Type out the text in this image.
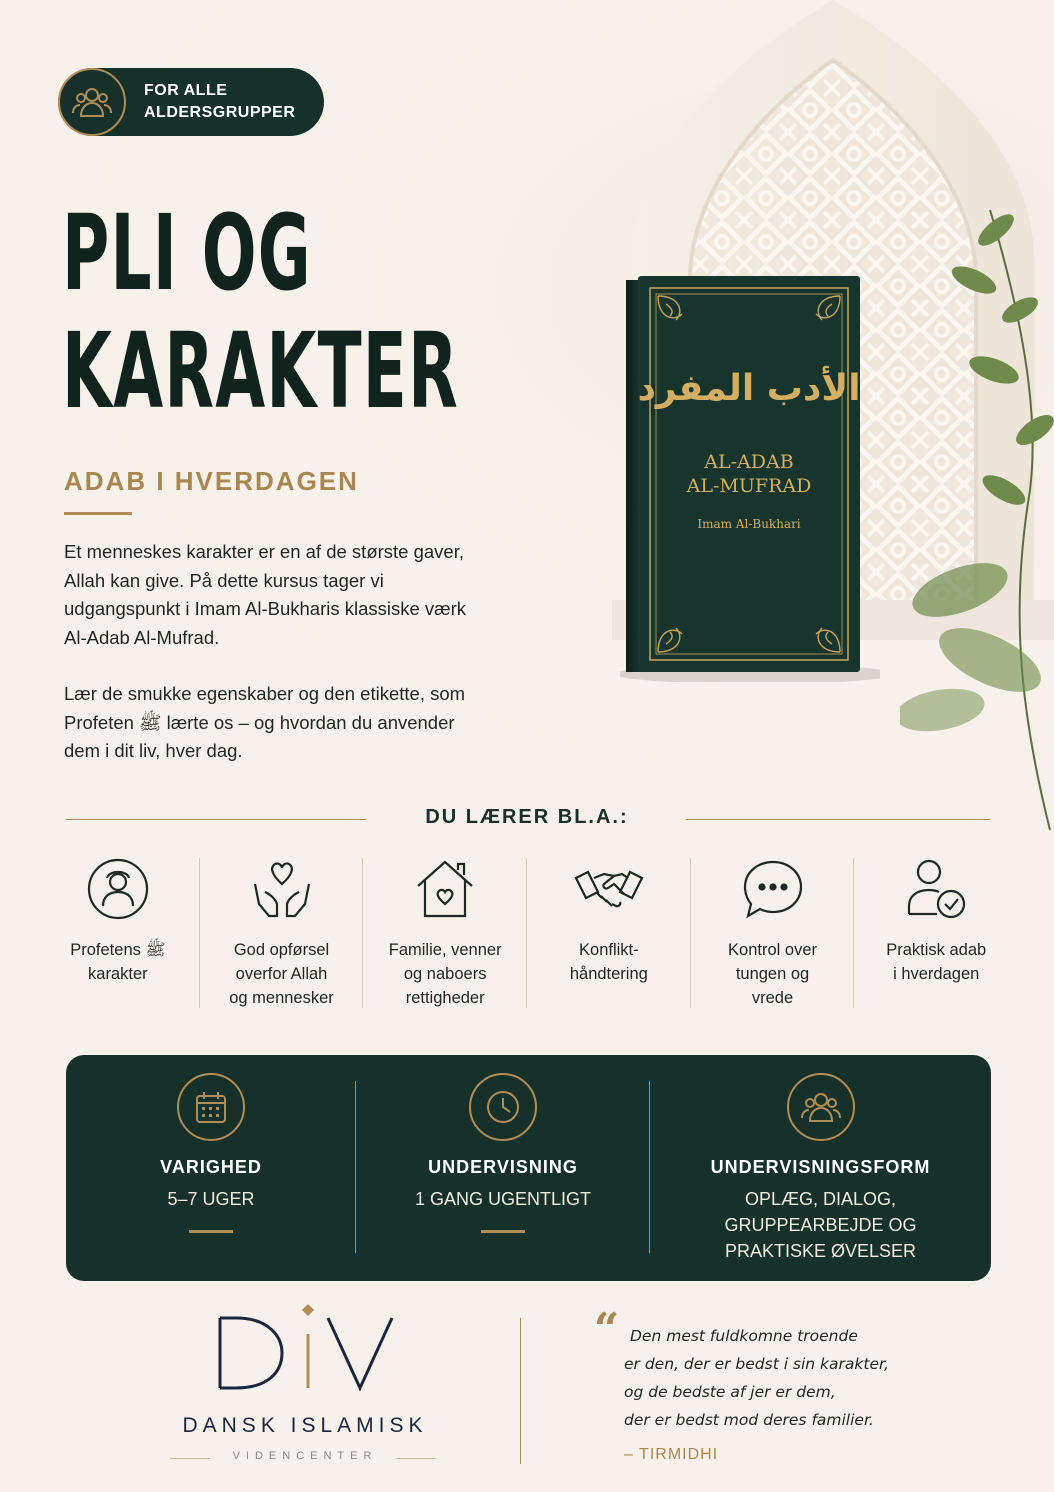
FOR ALLE
ALDERSGRUPPER
PLI OG
KARAKTER
ADAB I HVERDAGEN

Et menneskes karakter er en af de største gaver, Allah kan give. På dette kursus tager vi udgangspunkt i Imam Al-Bukharis klassiske værk Al-Adab Al-Mufrad.

Lær de smukke egenskaber og den etikette, som Profeten ﷺ lærte os – og hvordan du anvender dem i dit liv, hver dag.

الأدب المفرد
AL-ADAB
AL-MUFRAD
Imam Al-Bukhari
DU LÆRER BL.A.:
Profetens ﷺ
karakter
God opførsel
overfor Allah
og mennesker
Familie, venner
og naboers
rettigheder
Konflikt-
håndtering
Kontrol over
tungen og
vrede
Praktisk adab
i hverdagen
VARIGHED
5–7 UGER
UNDERVISNING
1 GANG UGENTLIGT
UNDERVISNINGSFORM
OPLÆG, DIALOG,
GRUPPEARBEJDE OG
PRAKTISKE ØVELSER
DANSK ISLAMISK
VIDENCENTER
“ Den mest fuldkomne troende
er den, der er bedst i sin karakter,
og de bedste af jer er dem,
der er bedst mod deres familier.
– TIRMIDHI
